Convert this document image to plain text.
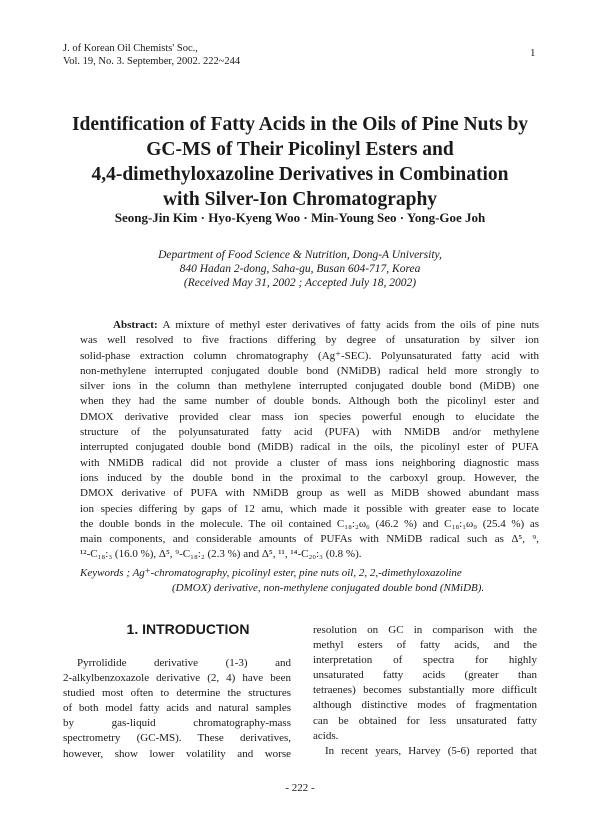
J. of Korean Oil Chemists' Soc.,
Vol. 19, No. 3. September, 2002. 222~244
1
Identification of Fatty Acids in the Oils of Pine Nuts by
GC-MS of Their Picolinyl Esters and
4,4-dimethyloxazoline Derivatives in Combination
with Silver-Ion Chromatography
Seong-Jin Kim · Hyo-Kyeng Woo · Min-Young Seo · Yong-Goe Joh
Department of Food Science & Nutrition, Dong-A University,
840 Hadan 2-dong, Saha-gu, Busan 604-717, Korea
(Received May 31, 2002 ; Accepted July 18, 2002)
Abstract: A mixture of methyl ester derivatives of fatty acids from the oils of pine nuts
was well resolved to five fractions differing by degree of unsaturation by silver ion
solid-phase extraction column chromatography (Ag⁺-SEC). Polyunsaturated fatty acid with
non-methylene interrupted conjugated double bond (NMiDB) radical held more strongly to
silver ions in the column than methylene interrupted conjugated double bond (MiDB) one
when they had the same number of double bonds. Although both the picolinyl ester and
DMOX derivative provided clear mass ion species powerful enough to elucidate the
structure of the polyunsaturated fatty acid (PUFA) with NMiDB and/or methylene
interrupted conjugated double bond (MiDB) radical in the oils, the picolinyl ester of PUFA
with NMiDB radical did not provide a cluster of mass ions neighboring diagnostic mass
ions induced by the double bond in the proximal to the carboxyl group. However, the
DMOX derivative of PUFA with NMiDB group as well as MiDB showed abundant mass
ion species differing by gaps of 12 amu, which made it possible with greater ease to locate
the double bonds in the molecule. The oil contained C₁₈:₂ω₆ (46.2 %) and C₁₈:₁ω₉ (25.4 %) as
main components, and considerable amounts of PUFAs with NMiDB radical such as Δ⁵, ⁹,
¹²-C₁₈:₃ (16.0 %), Δ⁵, ⁹-C₁₈:₂ (2.3 %) and Δ⁵, ¹¹, ¹⁴-C₂₀:₃ (0.8 %).
Keywords ; Ag⁺-chromatography, picolinyl ester, pine nuts oil, 2, 2,-dimethyloxazoline
(DMOX) derivative, non-methylene conjugated double bond (NMiDB).
1. INTRODUCTION
Pyrrolidide derivative (1-3) and
2-alkylbenzoxazole derivative (2, 4) have been
studied most often to determine the structures
of both model fatty acids and natural samples
by gas-liquid chromatography-mass
spectrometry (GC-MS). These derivatives,
however, show lower volatility and worse
resolution on GC in comparison with the
methyl esters of fatty acids, and the
interpretation of spectra for highly
unsaturated fatty acids (greater than
tetraenes) becomes substantially more difficult
although distinctive modes of fragmentation
can be obtained for less unsaturated fatty
acids.
In recent years, Harvey (5-6) reported that
- 222 -
